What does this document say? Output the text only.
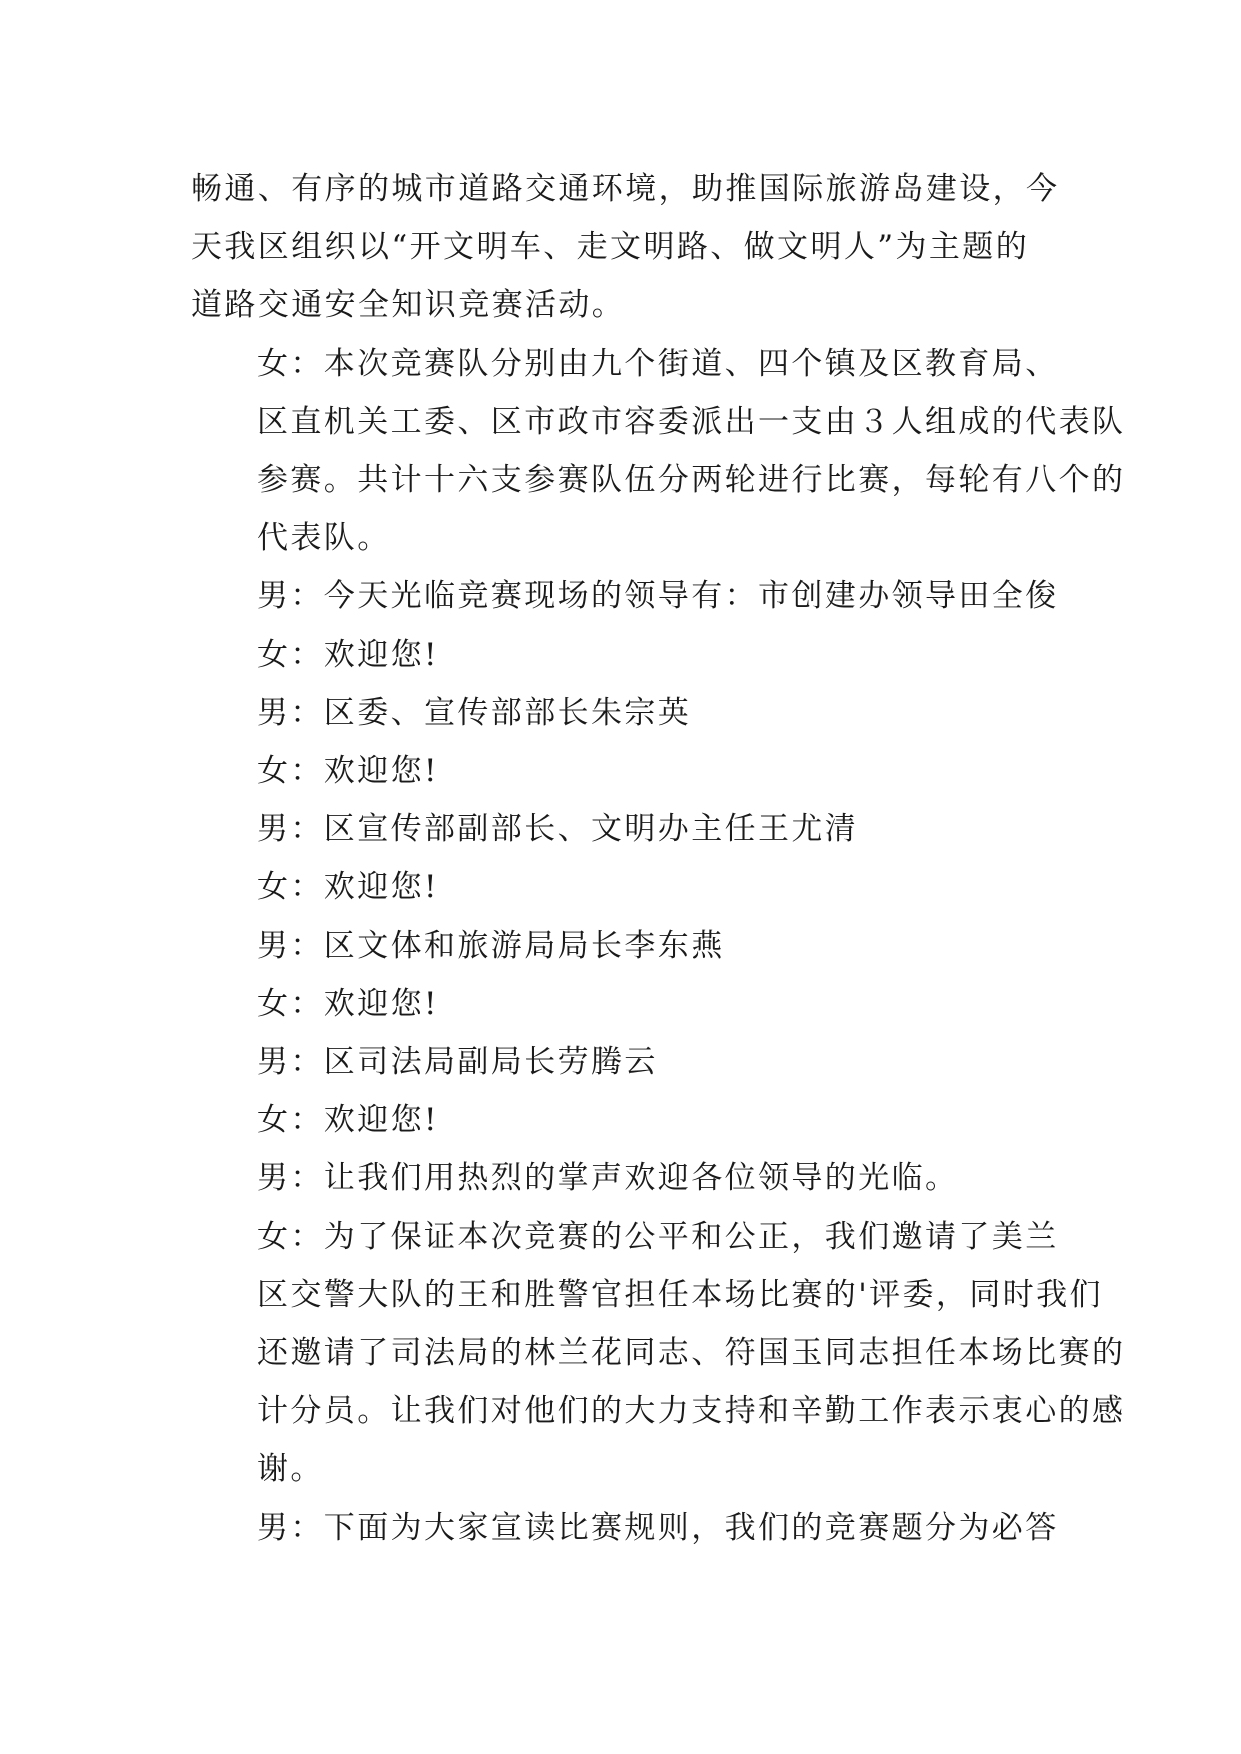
畅通、有序的城市道路交通环境，助推国际旅游岛建设，今
天我区组织以“开文明车、走文明路、做文明人”为主题的
道路交通安全知识竞赛活动。
女：本次竞赛队分别由九个街道、四个镇及区教育局、
区直机关工委、区市政市容委派出一支由３人组成的代表队
参赛。共计十六支参赛队伍分两轮进行比赛，每轮有八个的
代表队。
男：今天光临竞赛现场的领导有：市创建办领导田全俊
女：欢迎您!
男：区委、宣传部部长朱宗英
女：欢迎您!
男：区宣传部副部长、文明办主任王尤清
女：欢迎您!
男：区文体和旅游局局长李东燕
女：欢迎您!
男：区司法局副局长劳腾云
女：欢迎您!
男：让我们用热烈的掌声欢迎各位领导的光临。
女：为了保证本次竞赛的公平和公正，我们邀请了美兰
区交警大队的王和胜警官担任本场比赛的'评委，同时我们
还邀请了司法局的林兰花同志、符国玉同志担任本场比赛的
计分员。让我们对他们的大力支持和辛勤工作表示衷心的感
谢。
男：下面为大家宣读比赛规则，我们的竞赛题分为必答
